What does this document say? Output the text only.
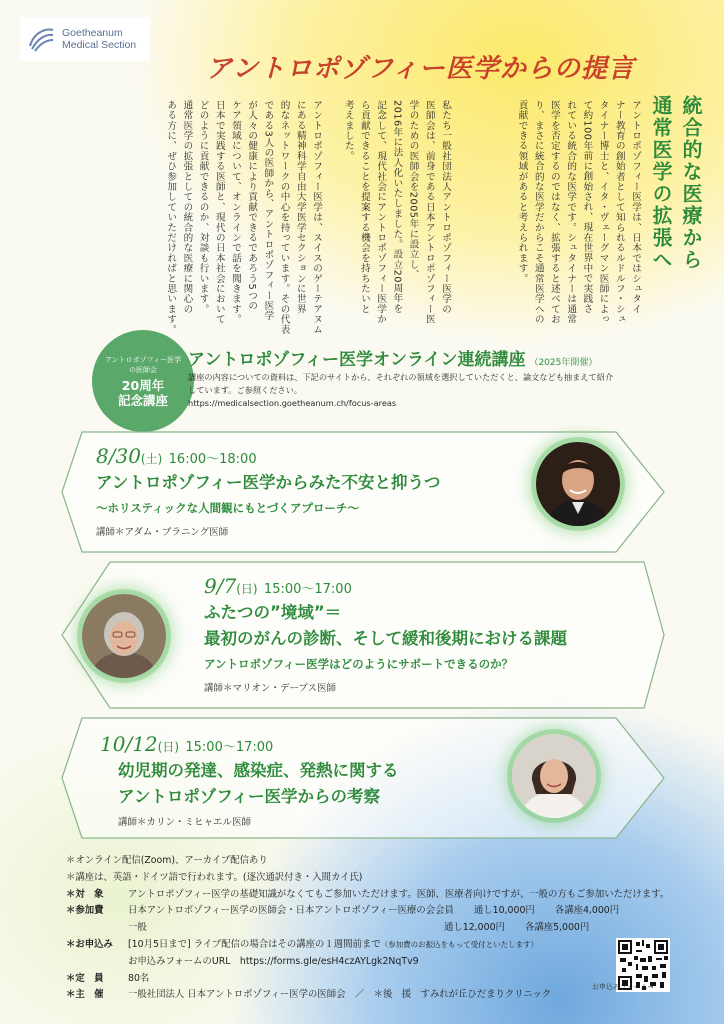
Goetheanum
Medical Section
アントロポゾフィー医学からの提言
統合的な医療から
通常医学の拡張へ

アントロポゾフィー医学は、日本ではシュタイ

ナー教育の創始者として知られるルドルフ・シュ

タイナー博士と、イタ・ヴェーグマン医師によっ

て約100年前に創始され、現在世界中で実践さ

れている統合的な医学です。シュタイナーは通常

医学を否定するのではなく、拡張すると述べてお

り、まさに統合的な医学だからこそ通常医学への

貢献できる領域があると考えられます。

私たち一般社団法人アントロポゾフィー医学の

医師会は、前身である日本アントロポゾフィー医

学のための医師会を2005年に設立し、

2016年に法人化いたしました。設立20周年を

記念して、現代社会にアントロポゾフィー医学か

ら貢献できることを提案する機会を持ちたいと

考えました。

アントロポゾフィー医学は、スイスのゲーテアヌム

にある精神科学自由大学医学セクションに世界

的なネットワークの中心を持っています。その代表

である3人の医師から、アントロポゾフィー医学

が人々の健康により貢献できるであろう5つの

ケア領域について、オンラインで話を聞きます。

日本で実践する医師と、現代の日本社会において

どのように貢献できるのか、対談も行います。

通常医学の拡張としての統合的な医療に関心の

ある方に、ぜひ参加していただければと思います。

アントロポゾフィー医学
の医師会
20周年
記念講座
アントロポゾフィー医学オンライン連続講座 （2025年開催）
講座の内容についての資料は、下記のサイトから、それぞれの領域を選択していただくと、論文なども抽まえて紹介しています。ご参照ください。
https://medicalsection.goetheanum.ch/focus-areas
8/30(土) 16:00～18:00
アントロポゾフィー医学からみた不安と抑うつ
～ホリスティックな人間観にもとづくアプローチ～
講師＊アダム・ブラニング医師
9/7(日) 15:00～17:00
ふたつの”境域”＝
最初のがんの診断、そして緩和後期における課題
アントロポゾフィー医学はどのようにサポートできるのか？
講師＊マリオン・デープス医師
10/12(日) 15:00～17:00
幼児期の発達、感染症、発熱に関する
アントロポゾフィー医学からの考察
講師＊カリン・ミヒャエル医師
＊オンライン配信(Zoom)、アーカイブ配信あり
＊講座は、英語・ドイツ語で行われます。(逐次通訳付き・入間カイ氏)
＊対　象	アントロポゾフィー医学の基礎知識がなくてもご参加いただけます。医師、医療者向けですが、一般の方もご参加いただけます。
＊参加費	日本アントロポゾフィー医学の医師会・日本アントロポゾフィー医療の会会員 通し10,000円 各講座4,000円
一般	通し12,000円 各講座5,000円
＊お申込み	[10月5日まで] ライブ配信の場合はその講座の１週間前まで （参加費のお振込をもって受付といたします）
お申込みフォームのURL　https://forms.gle/esH4czAYLgk2NqTv9
＊定　員	80名
＊主　催	一般社団法人 日本アントロポゾフィー医学の医師会　／　＊後　援　すみれが丘ひだまりクリニック
お申込みフォーム→
